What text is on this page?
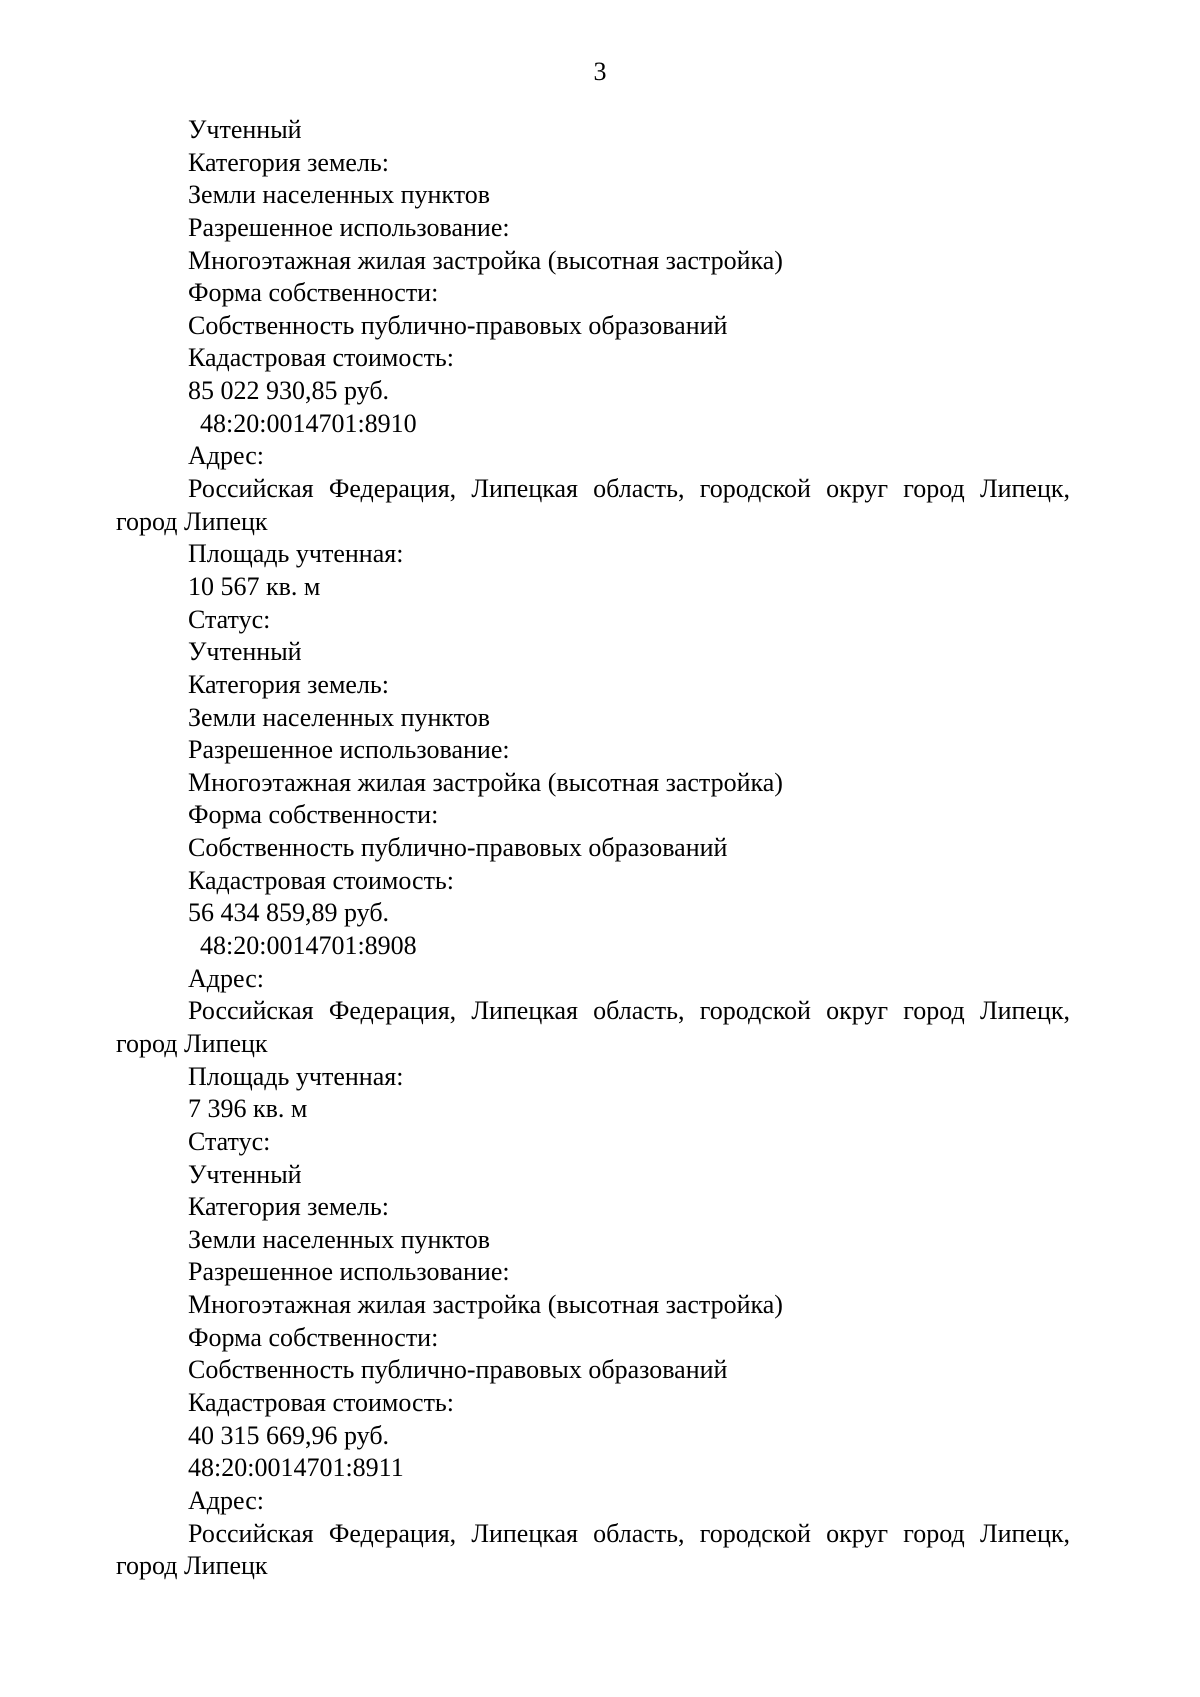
3
Учтенный
Категория земель:
Земли населенных пунктов
Разрешенное использование:
Многоэтажная жилая застройка (высотная застройка)
Форма собственности:
Собственность публично-правовых образований
Кадастровая стоимость:
85 022 930,85 руб.
48:20:0014701:8910
Адрес:
Российская Федерация, Липецкая область, городской округ город Липецк,
город Липецк
Площадь учтенная:
10 567 кв. м
Статус:
Учтенный
Категория земель:
Земли населенных пунктов
Разрешенное использование:
Многоэтажная жилая застройка (высотная застройка)
Форма собственности:
Собственность публично-правовых образований
Кадастровая стоимость:
56 434 859,89 руб.
48:20:0014701:8908
Адрес:
Российская Федерация, Липецкая область, городской округ город Липецк,
город Липецк
Площадь учтенная:
7 396 кв. м
Статус:
Учтенный
Категория земель:
Земли населенных пунктов
Разрешенное использование:
Многоэтажная жилая застройка (высотная застройка)
Форма собственности:
Собственность публично-правовых образований
Кадастровая стоимость:
40 315 669,96 руб.
48:20:0014701:8911
Адрес:
Российская Федерация, Липецкая область, городской округ город Липецк,
город Липецк
